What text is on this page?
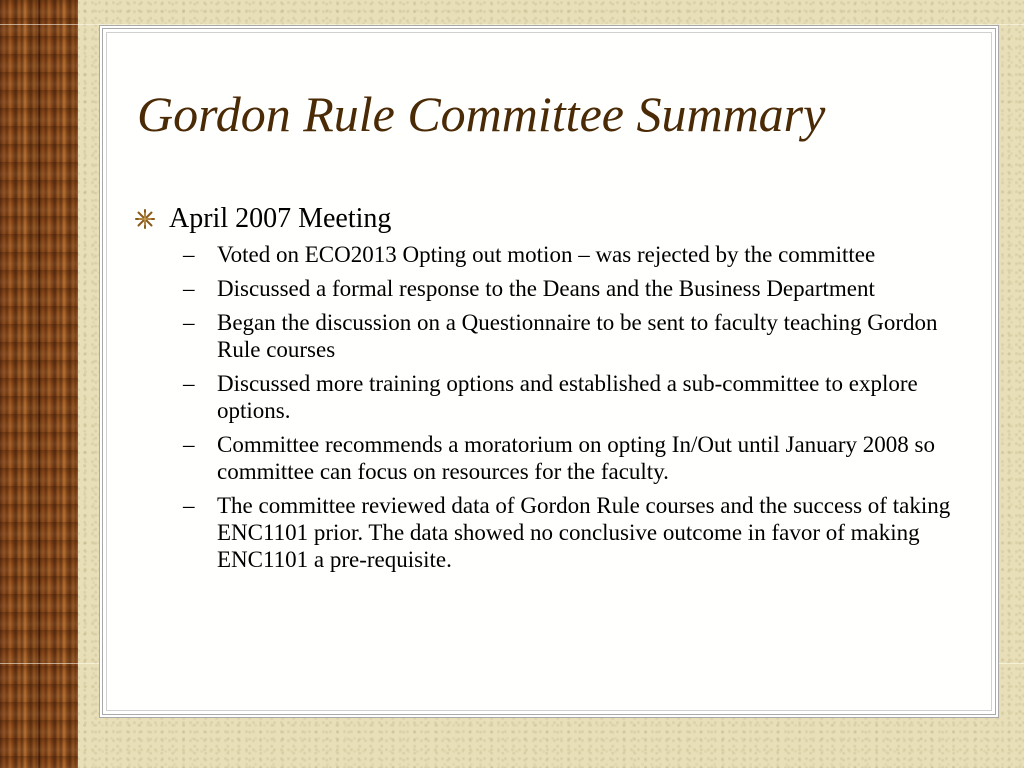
Gordon Rule Committee Summary
April 2007 Meeting
– Voted on ECO2013 Opting out motion – was rejected by the committee
– Discussed a formal response to the Deans and the Business Department
– Began the discussion on a Questionnaire to be sent to faculty teaching Gordon Rule courses
– Discussed more training options and established a sub-committee to explore options.
– Committee recommends a moratorium on opting In/Out until January 2008 so committee can focus on resources for the faculty.
– The committee reviewed data of Gordon Rule courses and the success of taking ENC1101 prior. The data showed no conclusive outcome in favor of making ENC1101 a pre-requisite.
